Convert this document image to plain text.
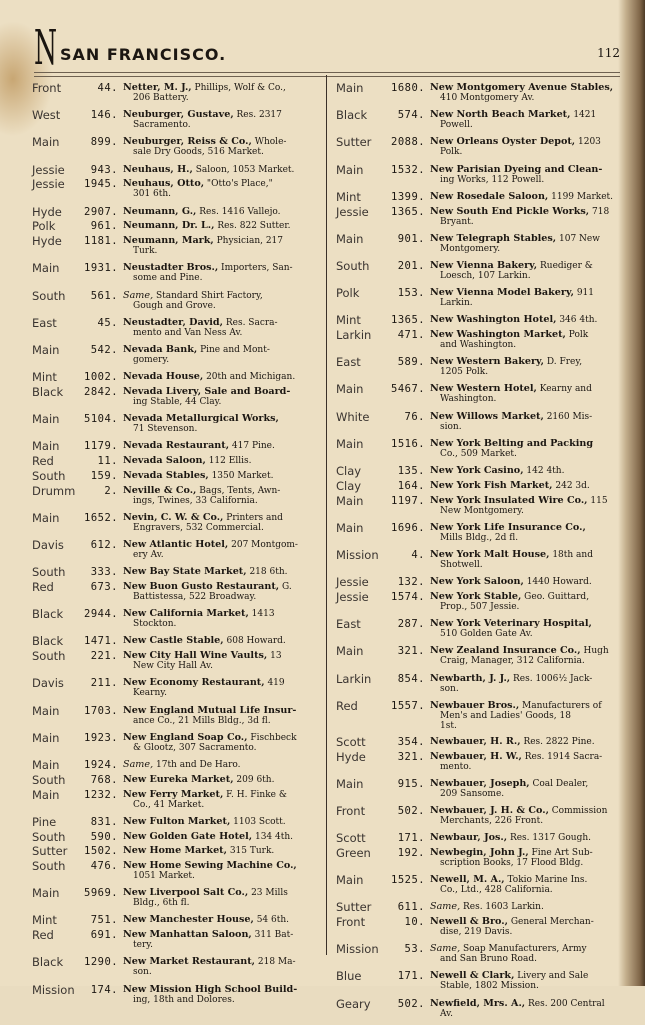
N SAN FRANCISCO.	112
Front	44. Netter, M. J., Phillips, Wolf & Co.,
206 Battery.
West	146. Neuburger, Gustave, Res. 2317
Sacramento.
Main	899. Neuburger, Reiss & Co., Whole-
sale Dry Goods, 516 Market.
Jessie	943. Neuhaus, H., Saloon, 1053 Market.
Jessie	1945. Neuhaus, Otto, "Otto's Place,"
301 6th.
Hyde	2907. Neumann, G., Res. 1416 Vallejo.
Polk	961. Neumann, Dr. L., Res. 822 Sutter.
Hyde	1181. Neumann, Mark, Physician, 217
Turk.
Main	1931. Neustadter Bros., Importers, San-
some and Pine.
South	561. Same, Standard Shirt Factory,
Gough and Grove.
East	45. Neustadter, David, Res. Sacra-
mento and Van Ness Av.
Main	542. Nevada Bank, Pine and Mont-
gomery.
Mint	1002. Nevada House, 20th and Michigan.
Black	2842. Nevada Livery, Sale and Board-
ing Stable, 44 Clay.
Main	5104. Nevada Metallurgical Works,
71 Stevenson.
Main	1179. Nevada Restaurant, 417 Pine.
Red	11. Nevada Saloon, 112 Ellis.
South	159. Nevada Stables, 1350 Market.
Drumm	2. Neville & Co., Bags, Tents, Awn-
ings, Twines, 33 California.
Main	1652. Nevin, C. W. & Co., Printers and
Engravers, 532 Commercial.
Davis	612. New Atlantic Hotel, 207 Montgom-
ery Av.
South	333. New Bay State Market, 218 6th.
Red	673. New Buon Gusto Restaurant, G.
Battistessa, 522 Broadway.
Black	2944. New California Market, 1413
Stockton.
Black	1471. New Castle Stable, 608 Howard.
South	221. New City Hall Wine Vaults, 13
New City Hall Av.
Davis	211. New Economy Restaurant, 419
Kearny.
Main	1703. New England Mutual Life Insur-
ance Co., 21 Mills Bldg., 3d fl.
Main	1923. New England Soap Co., Fischbeck
& Glootz, 307 Sacramento.
Main	1924. Same, 17th and De Haro.
South	768. New Eureka Market, 209 6th.
Main	1232. New Ferry Market, F. H. Finke &
Co., 41 Market.
Pine	831. New Fulton Market, 1103 Scott.
South	590. New Golden Gate Hotel, 134 4th.
Sutter	1502. New Home Market, 315 Turk.
South	476. New Home Sewing Machine Co.,
1051 Market.
Main	5969. New Liverpool Salt Co., 23 Mills
Bldg., 6th fl.
Mint	751. New Manchester House, 54 6th.
Red	691. New Manhattan Saloon, 311 Bat-
tery.
Black	1290. New Market Restaurant, 218 Ma-
son.
Mission	174. New Mission High School Build-
ing, 18th and Dolores.
Main	1680. New Montgomery Avenue Stables,
410 Montgomery Av.
Black	574. New North Beach Market, 1421
Powell.
Sutter	2088. New Orleans Oyster Depot, 1203
Polk.
Main	1532. New Parisian Dyeing and Clean-
ing Works, 112 Powell.
Mint	1399. New Rosedale Saloon, 1199 Market.
Jessie	1365. New South End Pickle Works, 718
Bryant.
Main	901. New Telegraph Stables, 107 New
Montgomery.
South	201. New Vienna Bakery, Ruediger &
Loesch, 107 Larkin.
Polk	153. New Vienna Model Bakery, 911
Larkin.
Mint	1365. New Washington Hotel, 346 4th.
Larkin	471. New Washington Market, Polk
and Washington.
East	589. New Western Bakery, D. Frey,
1205 Polk.
Main	5467. New Western Hotel, Kearny and
Washington.
White	76. New Willows Market, 2160 Mis-
sion.
Main	1516. New York Belting and Packing
Co., 509 Market.
Clay	135. New York Casino, 142 4th.
Clay	164. New York Fish Market, 242 3d.
Main	1197. New York Insulated Wire Co., 115
New Montgomery.
Main	1696. New York Life Insurance Co.,
Mills Bldg., 2d fl.
Mission	4. New York Malt House, 18th and
Shotwell.
Jessie	132. New York Saloon, 1440 Howard.
Jessie	1574. New York Stable, Geo. Guittard,
Prop., 507 Jessie.
East	287. New York Veterinary Hospital,
510 Golden Gate Av.
Main	321. New Zealand Insurance Co., Hugh
Craig, Manager, 312 California.
Larkin	854. Newbarth, J. J., Res. 1006½ Jack-
son.
Red	1557. Newbauer Bros., Manufacturers of
Men's and Ladies' Goods, 18
1st.
Scott	354. Newbauer, H. R., Res. 2822 Pine.
Hyde	321. Newbauer, H. W., Res. 1914 Sacra-
mento.
Main	915. Newbauer, Joseph, Coal Dealer,
209 Sansome.
Front	502. Newbauer, J. H. & Co., Commission
Merchants, 226 Front.
Scott	171. Newbaur, Jos., Res. 1317 Gough.
Green	192. Newbegin, John J., Fine Art Sub-
scription Books, 17 Flood Bldg.
Main	1525. Newell, M. A., Tokio Marine Ins.
Co., Ltd., 428 California.
Sutter	611. Same, Res. 1603 Larkin.
Front	10. Newell & Bro., General Merchan-
dise, 219 Davis.
Mission	53. Same, Soap Manufacturers, Army
and San Bruno Road.
Blue	171. Newell & Clark, Livery and Sale
Stable, 1802 Mission.
Geary	502. Newfield, Mrs. A., Res. 200 Central
Av.
